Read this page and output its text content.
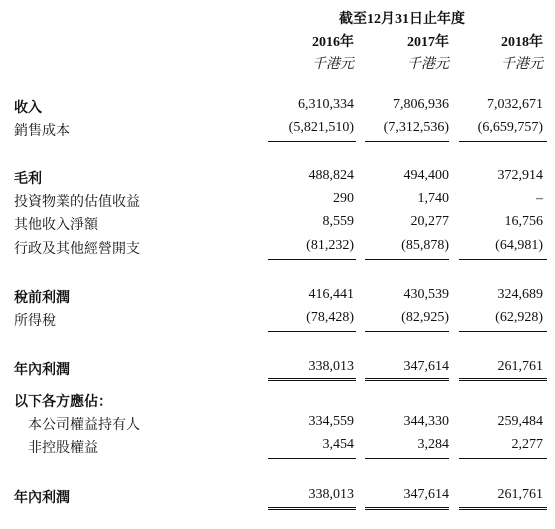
截至12月31日止年度
2016年	2017年	2018年
千港元	千港元	千港元
收入	6,310,334	7,806,936	7,032,671
銷售成本	(5,821,510) (7,312,536) (6,659,757)
毛利	488,824	494,400	372,914
投資物業的估值收益	290	1,740	–
其他收入淨額	8,559	20,277	16,756
行政及其他經營開支	(81,232)	(85,878)	(64,981)
稅前利潤	416,441	430,539	324,689
所得稅	(78,428)	(82,925)	(62,928)
年內利潤	338,013	347,614	261,761
以下各方應佔：
本公司權益持有人	334,559	344,330	259,484
非控股權益	3,454	3,284	2,277
年內利潤	338,013	347,614	261,761
